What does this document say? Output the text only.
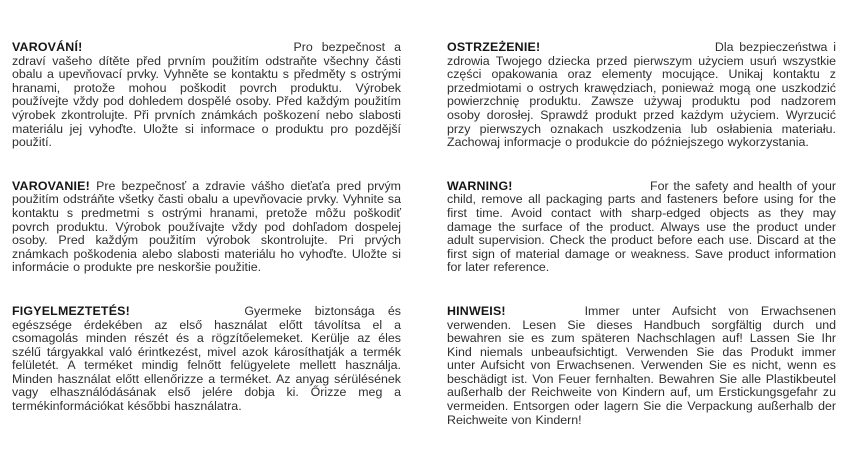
VAROVÁNÍ!	Pro bezpečnost a zdraví vašeho dítěte před prvním použitím odstraňte všechny části obalu a upevňovací prvky. Vyhněte se kontaktu s předměty s ostrými hranami, protože mohou poškodit povrch produktu. Výrobek používejte vždy pod dohledem dospělé osoby. Před každým použitím výrobek zkontrolujte. Při prvních známkách poškození nebo slabosti materiálu jej vyhoďte. Uložte si informace o produktu pro pozdější použití.

VAROVANIE! Pre bezpečnosť a zdravie vášho dieťaťa pred prvým použitím odstráňte všetky časti obalu a upevňovacie prvky. Vyhnite sa kontaktu s predmetmi s ostrými hranami, pretože môžu poškodiť povrch produktu. Výrobok používajte vždy pod dohľadom dospelej osoby. Pred každým použitím výrobok skontrolujte. Pri prvých známkach poškodenia alebo slabosti materiálu ho vyhoďte. Uložte si informácie o produkte pre neskoršie použitie.

FIGYELMEZTETÉS!	Gyermeke biztonsága és egészsége érdekében az első használat előtt távolítsa el a csomagolás minden részét és a rögzítőelemeket. Kerülje az éles szélű tárgyakkal való érintkezést, mivel azok károsíthatják a termék felületét. A terméket mindig felnőtt felügyelete mellett használja. Minden használat előtt ellenőrizze a terméket. Az anyag sérülésének vagy elhasználódásának első jelére dobja ki. Őrizze meg a termékinformációkat későbbi használatra.

OSTRZEŻENIE!	Dla bezpieczeństwa i zdrowia Twojego dziecka przed pierwszym użyciem usuń wszystkie części opakowania oraz elementy mocujące. Unikaj kontaktu z przedmiotami o ostrych krawędziach, ponieważ mogą one uszkodzić powierzchnię produktu. Zawsze używaj produktu pod nadzorem osoby dorosłej. Sprawdź produkt przed każdym użyciem. Wyrzucić przy pierwszych oznakach uszkodzenia lub osłabienia materiału. Zachowaj informacje o produkcie do późniejszego wykorzystania.

WARNING!	For the safety and health of your child, remove all packaging parts and fasteners before using for the first time. Avoid contact with sharp-edged objects as they may damage the surface of the product. Always use the product under adult supervision. Check the product before each use. Discard at the first sign of material damage or weakness. Save product information for later reference.

HINWEIS!	Immer unter Aufsicht von Erwachsenen verwenden. Lesen Sie dieses Handbuch sorgfältig durch und bewahren sie es zum späteren Nachschlagen auf! Lassen Sie Ihr Kind niemals unbeaufsichtigt. Verwenden Sie das Produkt immer unter Aufsicht von Erwachsenen. Verwenden Sie es nicht, wenn es beschädigt ist. Von Feuer fernhalten. Bewahren Sie alle Plastikbeutel außerhalb der Reichweite von Kindern auf, um Erstickungsgefahr zu vermeiden. Entsorgen oder lagern Sie die Verpackung außerhalb der Reichweite von Kindern!
